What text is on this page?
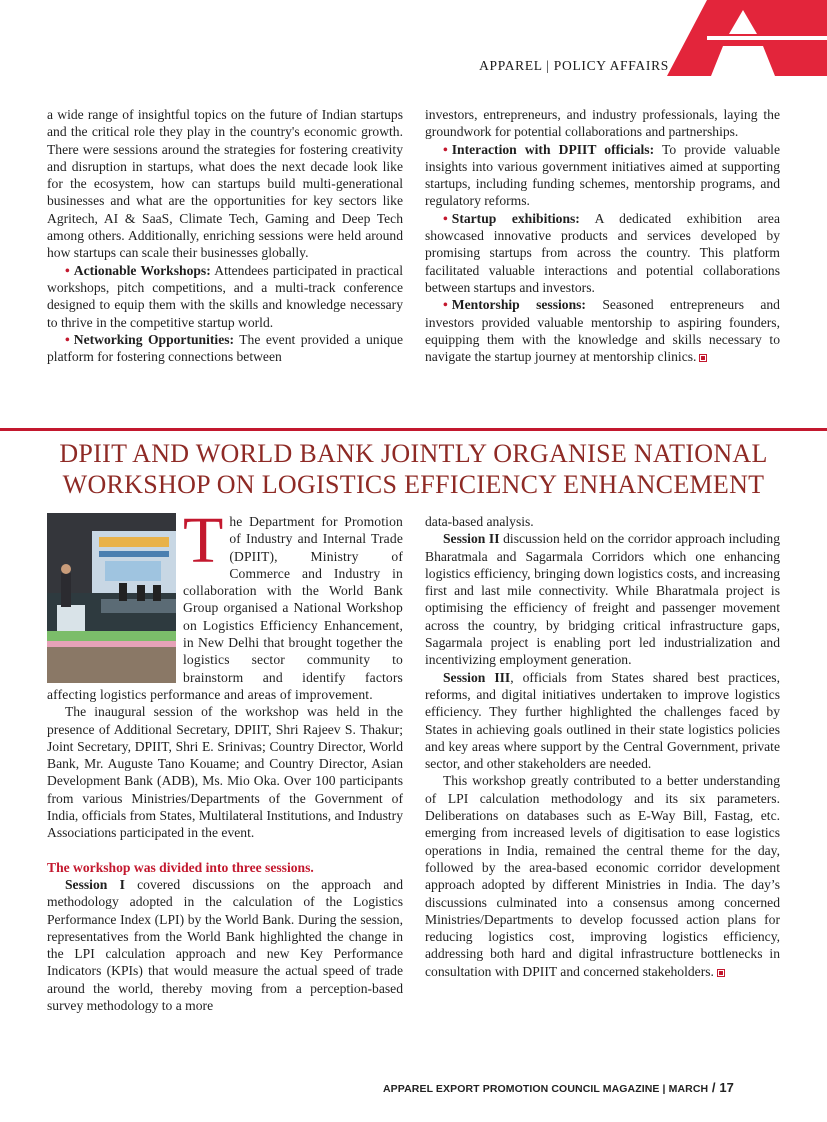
APPAREL | POLICY AFFAIRS

a wide range of insightful topics on the future of Indian startups and the critical role they play in the country's economic growth. There were sessions around the strategies for fostering creativity and disruption in startups, what does the next decade look like for the ecosystem, how can startups build multi-generational businesses and what are the opportunities for key sectors like Agritech, AI & SaaS, Climate Tech, Gaming and Deep Tech among others. Additionally, enriching sessions were held around how startups can scale their businesses globally.

• Actionable Workshops: Attendees participated in practical workshops, pitch competitions, and a multi-track conference designed to equip them with the skills and knowledge necessary to thrive in the competitive startup world.

• Networking Opportunities: The event provided a unique platform for fostering connections between

investors, entrepreneurs, and industry professionals, laying the groundwork for potential collaborations and partnerships.

• Interaction with DPIIT officials: To provide valuable insights into various government initiatives aimed at supporting startups, including funding schemes, mentorship programs, and regulatory reforms.

• Startup exhibitions: A dedicated exhibition area showcased innovative products and services developed by promising startups from across the country. This platform facilitated valuable interactions and potential collaborations between startups and investors.

• Mentorship sessions: Seasoned entrepreneurs and investors provided valuable mentorship to aspiring founders, equipping them with the knowledge and skills necessary to navigate the startup journey at mentorship clinics.

DPIIT AND WORLD BANK JOINTLY ORGANISE NATIONAL
WORKSHOP ON LOGISTICS EFFICIENCY ENHANCEMENT

The Department for Promotion of Industry and Internal Trade (DPIIT), Ministry of Commerce and Industry in collaboration with the World Bank Group organised a National Workshop on Logistics Efficiency Enhancement, in New Delhi that brought together the logistics sector community to brainstorm and identify factors affecting logistics performance and areas of improvement.

The inaugural session of the workshop was held in the presence of Additional Secretary, DPIIT, Shri Rajeev S. Thakur; Joint Secretary, DPIIT, Shri E. Srinivas; Country Director, World Bank, Mr. Auguste Tano Kouame; and Country Director, Asian Development Bank (ADB), Ms. Mio Oka. Over 100 participants from various Ministries/Departments of the Government of India, officials from States, Multilateral Institutions, and Industry Associations participated in the event.

The workshop was divided into three sessions.

Session I covered discussions on the approach and methodology adopted in the calculation of the Logistics Performance Index (LPI) by the World Bank. During the session, representatives from the World Bank highlighted the change in the LPI calculation approach and new Key Performance Indicators (KPIs) that would measure the actual speed of trade around the world, thereby moving from a perception-based survey methodology to a more

data-based analysis.

Session II discussion held on the corridor approach including Bharatmala and Sagarmala Corridors which one enhancing logistics efficiency, bringing down logistics costs, and increasing first and last mile connectivity. While Bharatmala project is optimising the efficiency of freight and passenger movement across the country, by bridging critical infrastructure gaps, Sagarmala project is enabling port led industrialization and incentivizing employment generation.

Session III, officials from States shared best practices, reforms, and digital initiatives undertaken to improve logistics efficiency. They further highlighted the challenges faced by States in achieving goals outlined in their state logistics policies and key areas where support by the Central Government, private sector, and other stakeholders are needed.

This workshop greatly contributed to a better understanding of LPI calculation methodology and its six parameters. Deliberations on databases such as E-Way Bill, Fastag, etc. emerging from increased levels of digitisation to ease logistics operations in India, remained the central theme for the day, followed by the area-based economic corridor development approach adopted by different Ministries in India. The day’s discussions culminated into a consensus among concerned Ministries/Departments to develop focussed action plans for reducing logistics cost, improving logistics efficiency, addressing both hard and digital infrastructure bottlenecks in consultation with DPIIT and concerned stakeholders.

APPAREL EXPORT PROMOTION COUNCIL MAGAZINE | MARCH / 17
